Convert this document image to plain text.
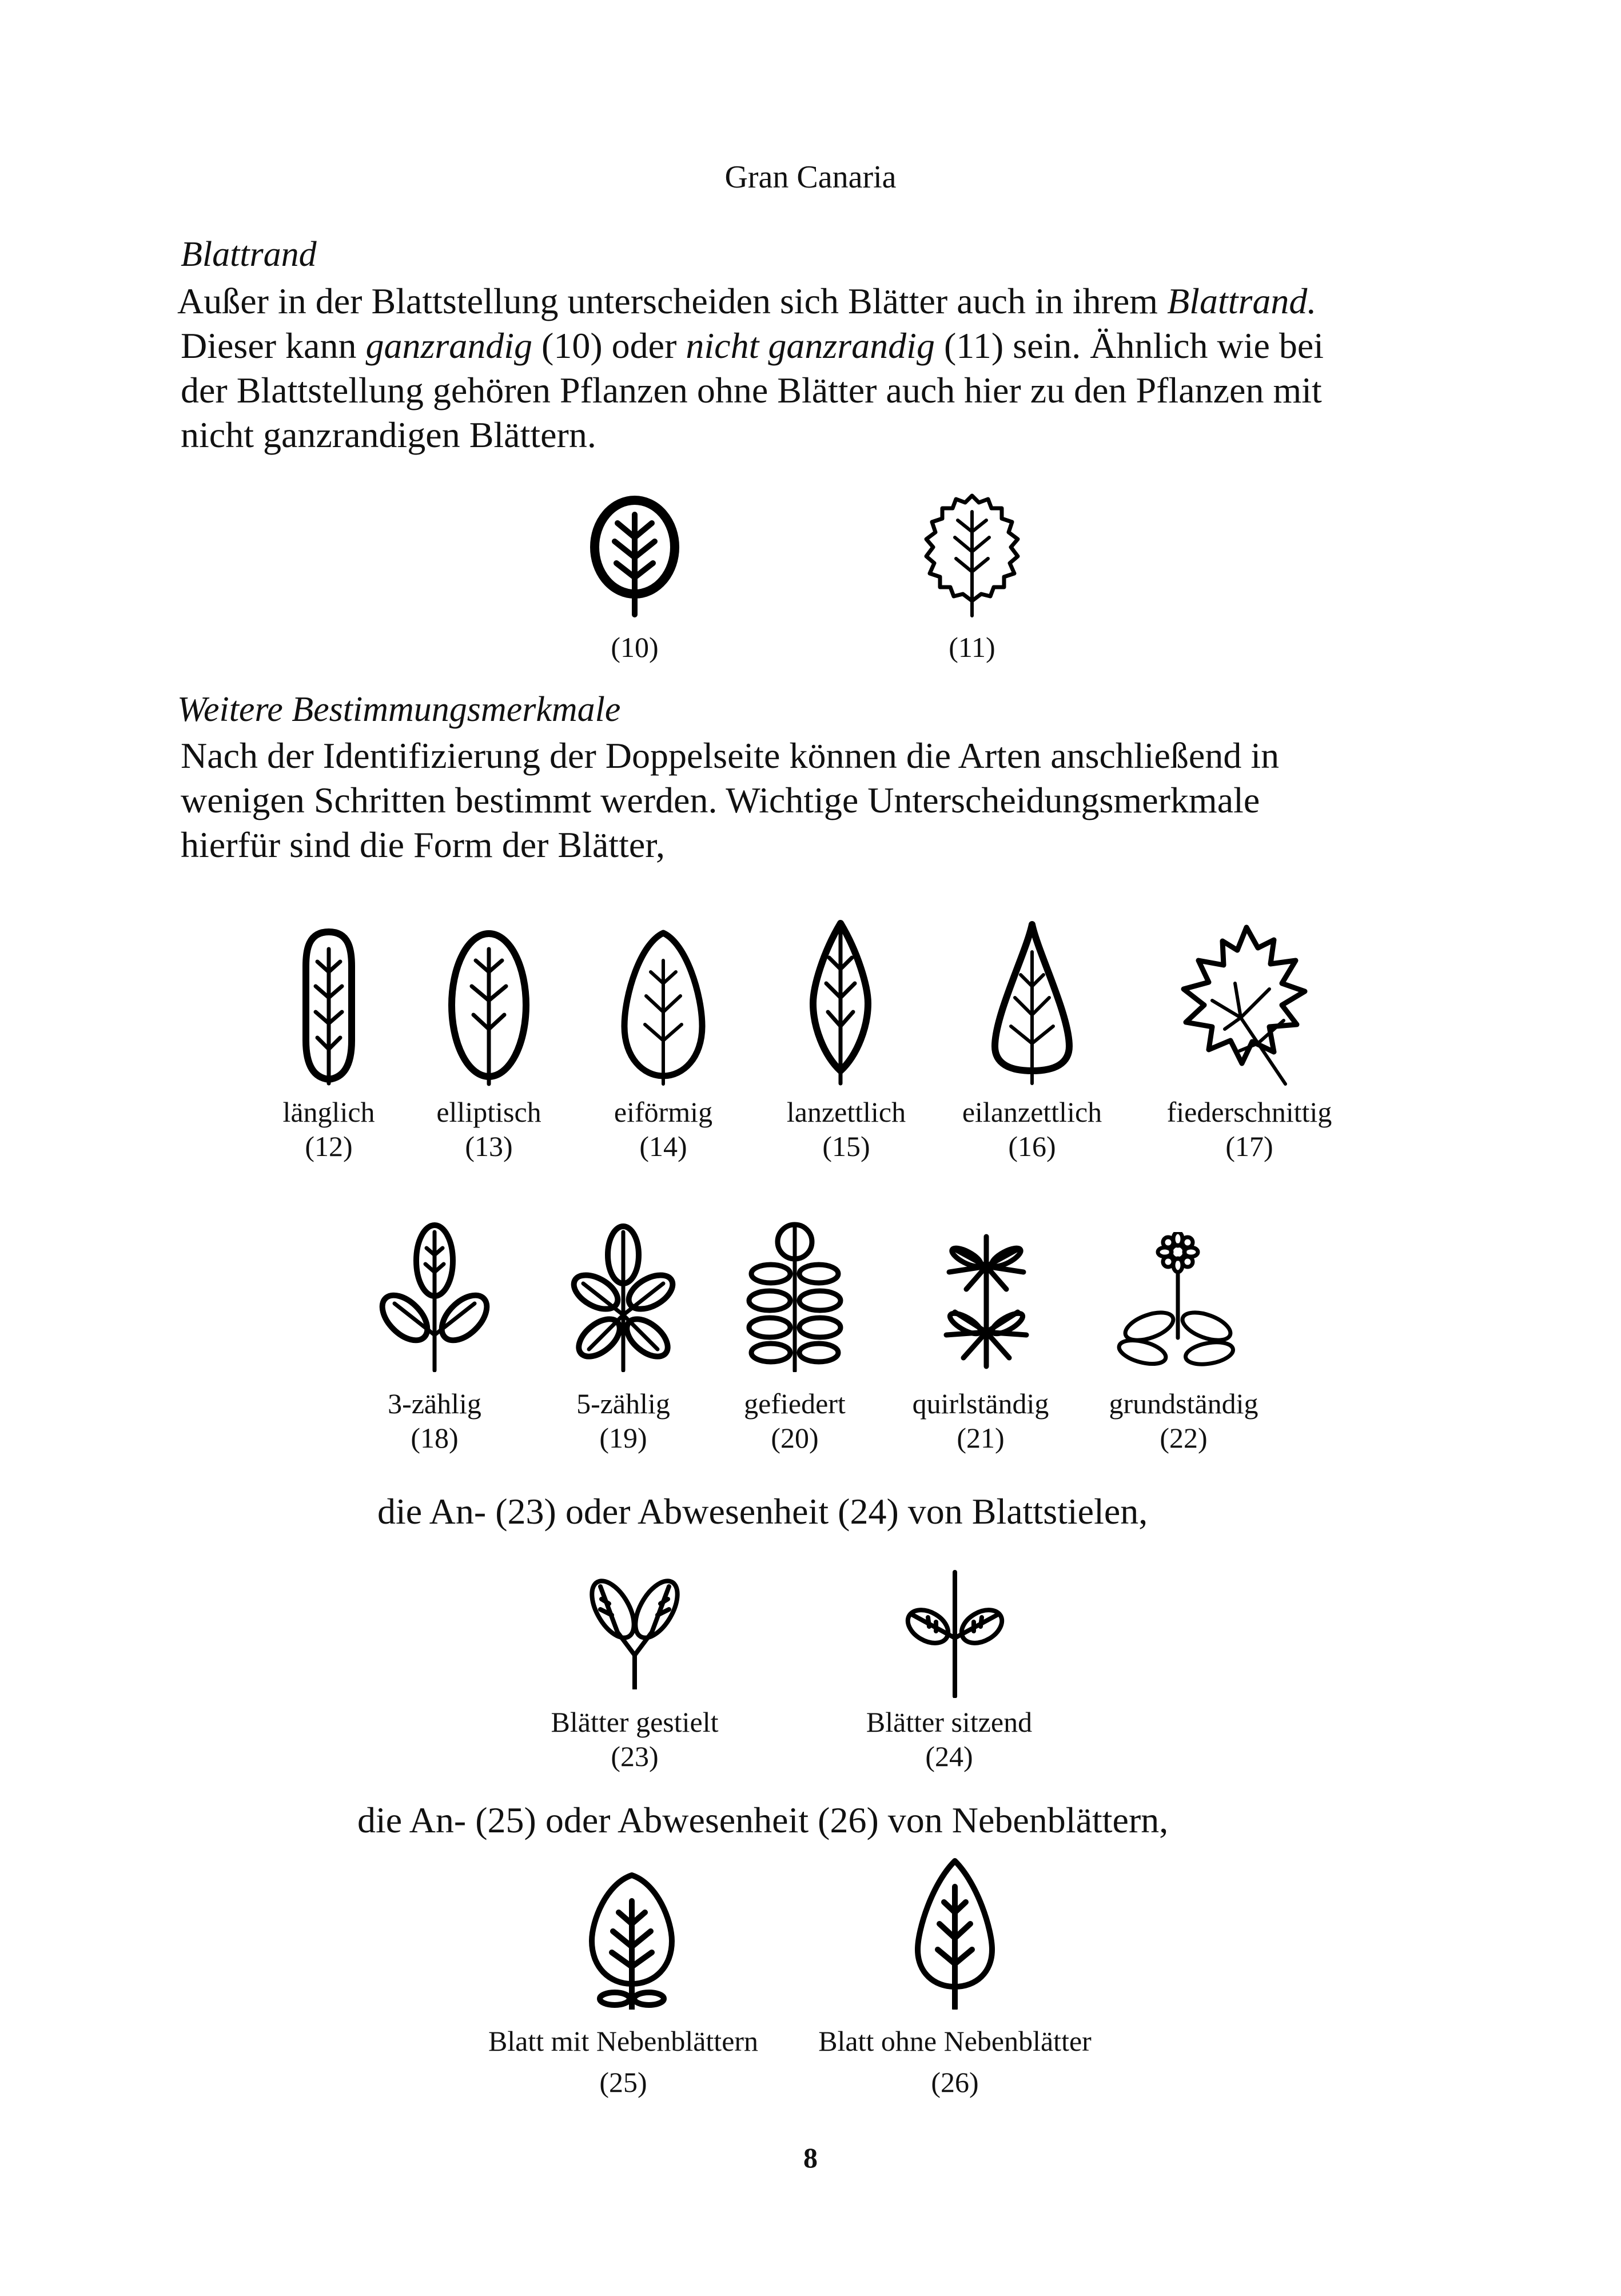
Gran Canaria
Blattrand

Außer in der Blattstellung unterscheiden sich Blätter auch in ihrem Blattrand.

Dieser kann ganzrandig (10) oder nicht ganzrandig (11) sein. Ähnlich wie bei

der Blattstellung gehören Pflanzen ohne Blätter auch hier zu den Pflanzen mit

nicht ganzrandigen Blättern.

(10)	(11)
Weitere Bestimmungsmerkmale

Nach der Identifizierung der Doppelseite können die Arten anschließend in

wenigen Schritten bestimmt werden. Wichtige Unterscheidungsmerkmale

hierfür sind die Form der Blätter,

länglich
(12)
elliptisch
(13)
eiförmig
(14)
lanzettlich
(15)
eilanzettlich
(16)
fiederschnittig
(17)
3-zählig
(18)
5-zählig
(19)
gefiedert
(20)
quirlständig
(21)
grundständig
(22)
die An- (23) oder Abwesenheit (24) von Blattstielen,
Blätter gestielt
(23)
Blätter sitzend
(24)
die An- (25) oder Abwesenheit (26) von Nebenblättern,
Blatt mit Nebenblättern
(25)
Blatt ohne Nebenblätter
(26)
8
